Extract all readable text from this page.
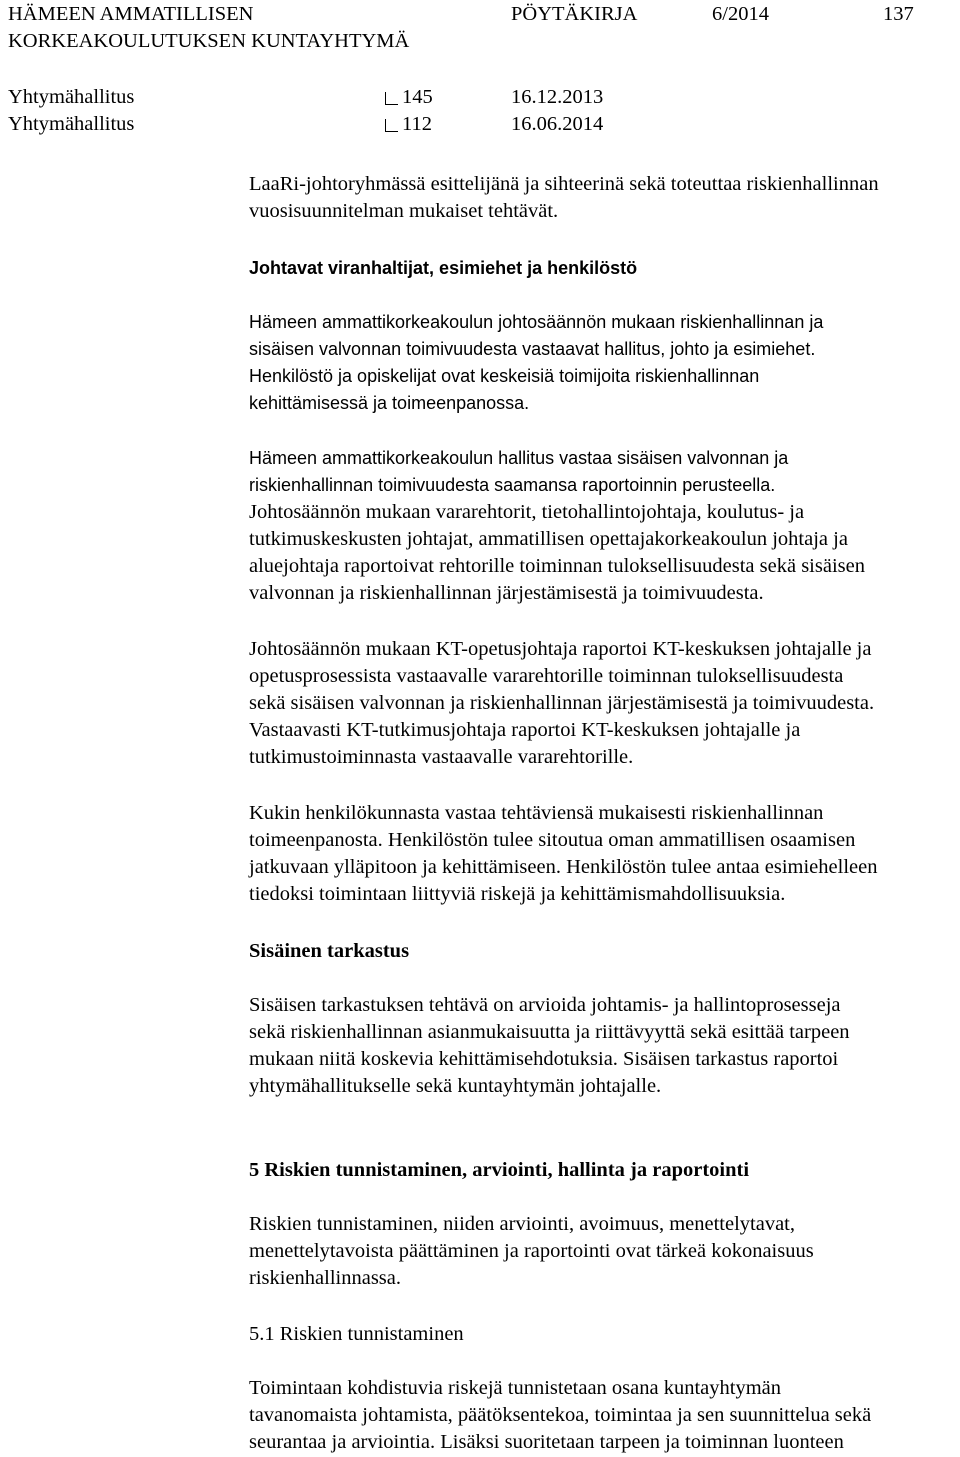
HÄMEEN AMMATILLISEN
KORKEAKOULUTUKSEN KUNTAYHTYMÄ
PÖYTÄKIRJA	6/2014	137
Yhtymähallitus	145	16.12.2013
Yhtymähallitus	112	16.06.2014

LaaRi-johtoryhmässä esittelijänä ja sihteerinä sekä toteuttaa riskienhallinnan

vuosisuunnitelman mukaiset tehtävät.

Johtavat viranhaltijat, esimiehet ja henkilöstö

Hämeen ammattikorkeakoulun johtosäännön mukaan riskienhallinnan ja

sisäisen valvonnan toimivuudesta vastaavat hallitus, johto ja esimiehet.

Henkilöstö ja opiskelijat ovat keskeisiä toimijoita riskienhallinnan

kehittämisessä ja toimeenpanossa.

Hämeen ammattikorkeakoulun hallitus vastaa sisäisen valvonnan ja

riskienhallinnan toimivuudesta saamansa raportoinnin perusteella.

Johtosäännön mukaan vararehtorit, tietohallintojohtaja, koulutus- ja

tutkimuskeskusten johtajat, ammatillisen opettajakorkeakoulun johtaja ja

aluejohtaja raportoivat rehtorille toiminnan tuloksellisuudesta sekä sisäisen

valvonnan ja riskienhallinnan järjestämisestä ja toimivuudesta.

Johtosäännön mukaan KT-opetusjohtaja raportoi KT-keskuksen johtajalle ja

opetusprosessista vastaavalle vararehtorille toiminnan tuloksellisuudesta

sekä sisäisen valvonnan ja riskienhallinnan järjestämisestä ja toimivuudesta.

Vastaavasti KT-tutkimusjohtaja raportoi KT-keskuksen johtajalle ja

tutkimustoiminnasta vastaavalle vararehtorille.

Kukin henkilökunnasta vastaa tehtäviensä mukaisesti riskienhallinnan

toimeenpanosta. Henkilöstön tulee sitoutua oman ammatillisen osaamisen

jatkuvaan ylläpitoon ja kehittämiseen. Henkilöstön tulee antaa esimiehelleen

tiedoksi toimintaan liittyviä riskejä ja kehittämismahdollisuuksia.

Sisäinen tarkastus

Sisäisen tarkastuksen tehtävä on arvioida johtamis- ja hallintoprosesseja

sekä riskienhallinnan asianmukaisuutta ja riittävyyttä sekä esittää tarpeen

mukaan niitä koskevia kehittämisehdotuksia. Sisäisen tarkastus raportoi

yhtymähallitukselle sekä kuntayhtymän johtajalle.

5 Riskien tunnistaminen, arviointi, hallinta ja raportointi

Riskien tunnistaminen, niiden arviointi, avoimuus, menettelytavat,

menettelytavoista päättäminen ja raportointi ovat tärkeä kokonaisuus

riskienhallinnassa.

5.1 Riskien tunnistaminen

Toimintaan kohdistuvia riskejä tunnistetaan osana kuntayhtymän

tavanomaista johtamista, päätöksentekoa, toimintaa ja sen suunnittelua sekä

seurantaa ja arviointia. Lisäksi suoritetaan tarpeen ja toiminnan luonteen
